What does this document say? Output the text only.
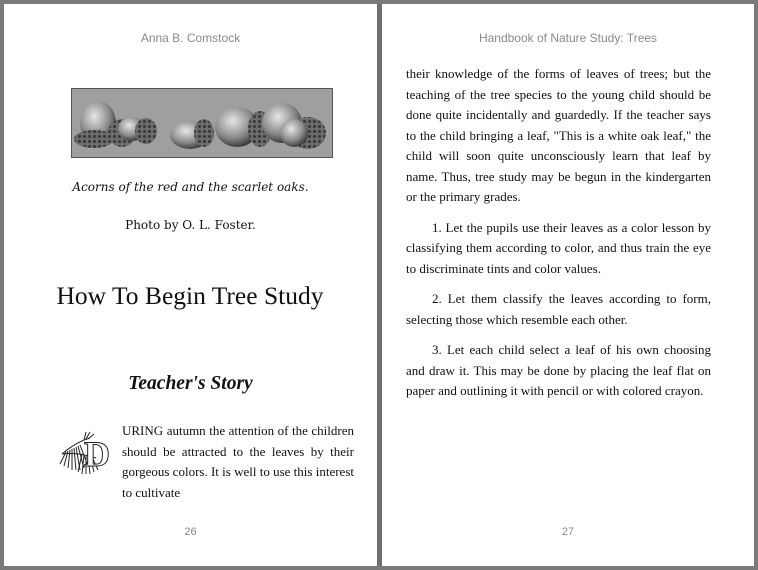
Anna B. Comstock
Acorns of the red and the scarlet oaks.
Photo by O. L. Foster.
How To Begin Tree Study
Teacher's Story
D
URING autumn the attention of the children should be attracted to the leaves by their gorgeous colors. It is well to use this interest to cultivate
26
Handbook of Nature Study: Trees

their knowledge of the forms of leaves of trees; but the teaching of the tree species to the young child should be done quite incidentally and guardedly. If the teacher says to the child bringing a leaf, "This is a white oak leaf," the child will soon quite unconsciously learn that leaf by name. Thus, tree study may be begun in the kindergarten or the primary grades.

1. Let the pupils use their leaves as a color lesson by classifying them according to color, and thus train the eye to discriminate tints and color values.

2. Let them classify the leaves according to form, selecting those which resemble each other.

3. Let each child select a leaf of his own choosing and draw it. This may be done by placing the leaf flat on paper and outlining it with pencil or with colored crayon.

27
